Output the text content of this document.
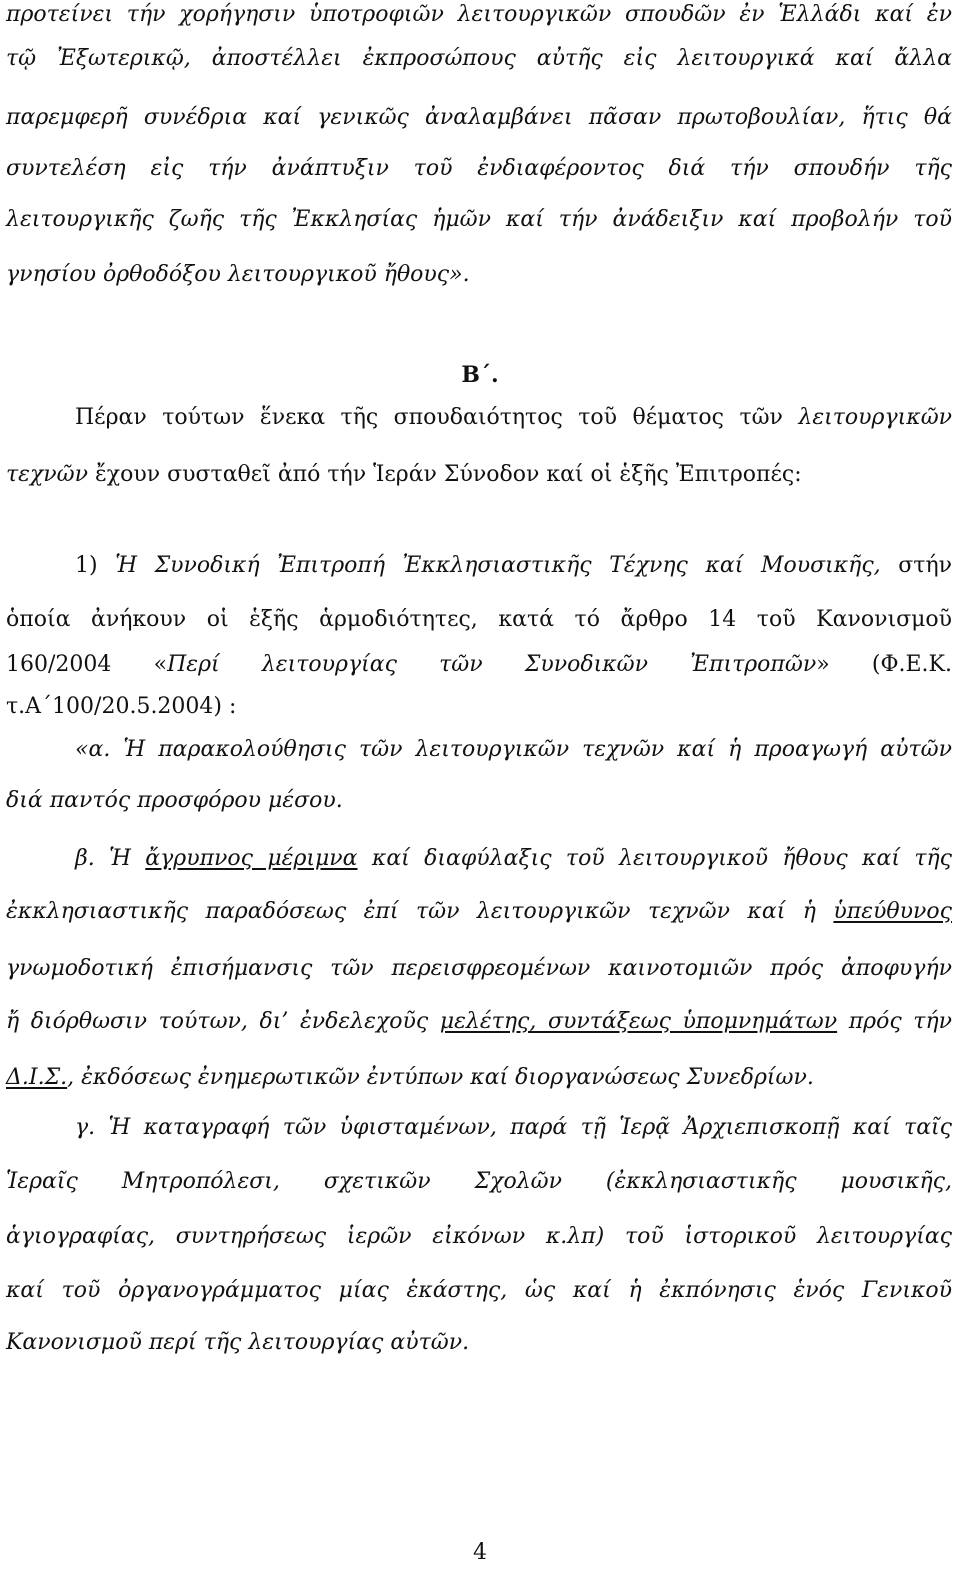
προτείνει τήν χορήγησιν ὑποτροφιῶν λειτουργικῶν σπουδῶν ἐν Ἑλλάδι καί ἐν
τῷ Ἐξωτερικῷ, ἀποστέλλει ἐκπροσώπους αὐτῆς εἰς λειτουργικά καί ἄλλα
παρεμφερῆ συνέδρια καί γενικῶς ἀναλαμβάνει πᾶσαν πρωτοβουλίαν, ἥτις θά
συντελέση εἰς τήν ἀνάπτυξιν τοῦ ἐνδιαφέροντος διά τήν σπουδήν τῆς
λειτουργικῆς ζωῆς τῆς Ἐκκλησίας ἡμῶν καί τήν ἀνάδειξιν καί προβολήν τοῦ
γνησίου ὀρθοδόξου λειτουργικοῦ ἤθους».
Β΄.
Πέραν τούτων ἕνεκα τῆς σπουδαιότητος τοῦ θέματος τῶν λειτουργικῶν
τεχνῶν ἔχουν συσταθεῖ ἀπό τήν Ἱεράν Σύνοδον καί οἱ ἑξῆς Ἐπιτροπές:
1) Ἡ Συνοδική Ἐπιτροπή Ἐκκλησιαστικῆς Τέχνης καί Μουσικῆς, στήν
ὁποία ἀνήκουν οἱ ἑξῆς ἁρμοδιότητες, κατά τό ἄρθρο 14 τοῦ Κανονισμοῦ
160/2004 «Περί λειτουργίας τῶν Συνοδικῶν Ἐπιτροπῶν» (Φ.Ε.Κ.
τ.Α΄100/20.5.2004) :
«α. Ἡ παρακολούθησις τῶν λειτουργικῶν τεχνῶν καί ἡ προαγωγή αὐτῶν
διά παντός προσφόρου μέσου.
β. Ἡ ἄγρυπνος μέριμνα καί διαφύλαξις τοῦ λειτουργικοῦ ἤθους καί τῆς
ἐκκλησιαστικῆς παραδόσεως ἐπί τῶν λειτουργικῶν τεχνῶν καί ἡ ὑπεύθυνος
γνωμοδοτική ἐπισήμανσις τῶν περεισφρεομένων καινοτομιῶν πρός ἀποφυγήν
ἤ διόρθωσιν τούτων, δι’ ἐνδελεχοῦς μελέτης, συντάξεως ὑπομνημάτων πρός τήν
Δ.Ι.Σ., ἐκδόσεως ἐνημερωτικῶν ἐντύπων καί διοργανώσεως Συνεδρίων.
γ. Ἡ καταγραφή τῶν ὑφισταμένων, παρά τῇ Ἱερᾷ Ἀρχιεπισκοπῇ καί ταῖς
Ἱεραῖς Μητροπόλεσι, σχετικῶν Σχολῶν (ἐκκλησιαστικῆς μουσικῆς,
ἁγιογραφίας, συντηρήσεως ἱερῶν εἰκόνων κ.λπ) τοῦ ἱστορικοῦ λειτουργίας
καί τοῦ ὀργανογράμματος μίας ἑκάστης, ὡς καί ἡ ἐκπόνησις ἑνός Γενικοῦ
Κανονισμοῦ περί τῆς λειτουργίας αὐτῶν.
4
